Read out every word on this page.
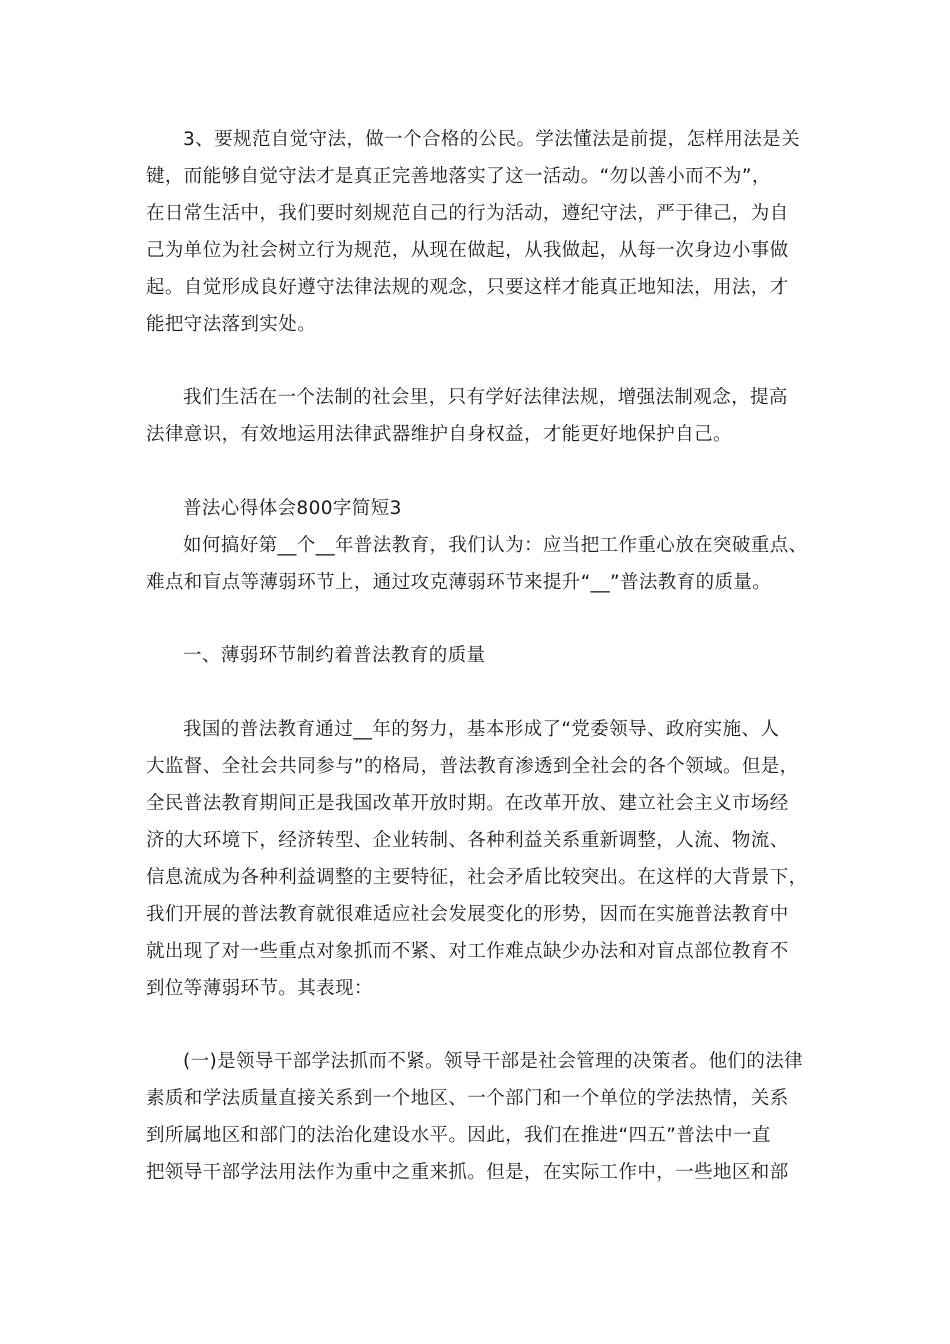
3、要规范自觉守法，做一个合格的公民。学法懂法是前提，怎样用法是关
键，而能够自觉守法才是真正完善地落实了这一活动。“勿以善小而不为”，
在日常生活中，我们要时刻规范自己的行为活动，遵纪守法，严于律己，为自
己为单位为社会树立行为规范，从现在做起，从我做起，从每一次身边小事做
起。自觉形成良好遵守法律法规的观念，只要这样才能真正地知法，用法，才
能把守法落到实处。

我们生活在一个法制的社会里，只有学好法律法规，增强法制观念，提高
法律意识，有效地运用法律武器维护自身权益，才能更好地保护自己。

普法心得体会800字简短3

如何搞好第__个__年普法教育，我们认为：应当把工作重心放在突破重点、
难点和盲点等薄弱环节上，通过攻克薄弱环节来提升“__”普法教育的质量。

一、薄弱环节制约着普法教育的质量

我国的普法教育通过__年的努力，基本形成了“党委领导、政府实施、人
大监督、全社会共同参与”的格局，普法教育渗透到全社会的各个领域。但是，
全民普法教育期间正是我国改革开放时期。在改革开放、建立社会主义市场经
济的大环境下，经济转型、企业转制、各种利益关系重新调整，人流、物流、
信息流成为各种利益调整的主要特征，社会矛盾比较突出。在这样的大背景下，
我们开展的普法教育就很难适应社会发展变化的形势，因而在实施普法教育中
就出现了对一些重点对象抓而不紧、对工作难点缺少办法和对盲点部位教育不
到位等薄弱环节。其表现：

(一)是领导干部学法抓而不紧。领导干部是社会管理的决策者。他们的法律
素质和学法质量直接关系到一个地区、一个部门和一个单位的学法热情，关系
到所属地区和部门的法治化建设水平。因此，我们在推进“四五”普法中一直
把领导干部学法用法作为重中之重来抓。但是，在实际工作中，一些地区和部
